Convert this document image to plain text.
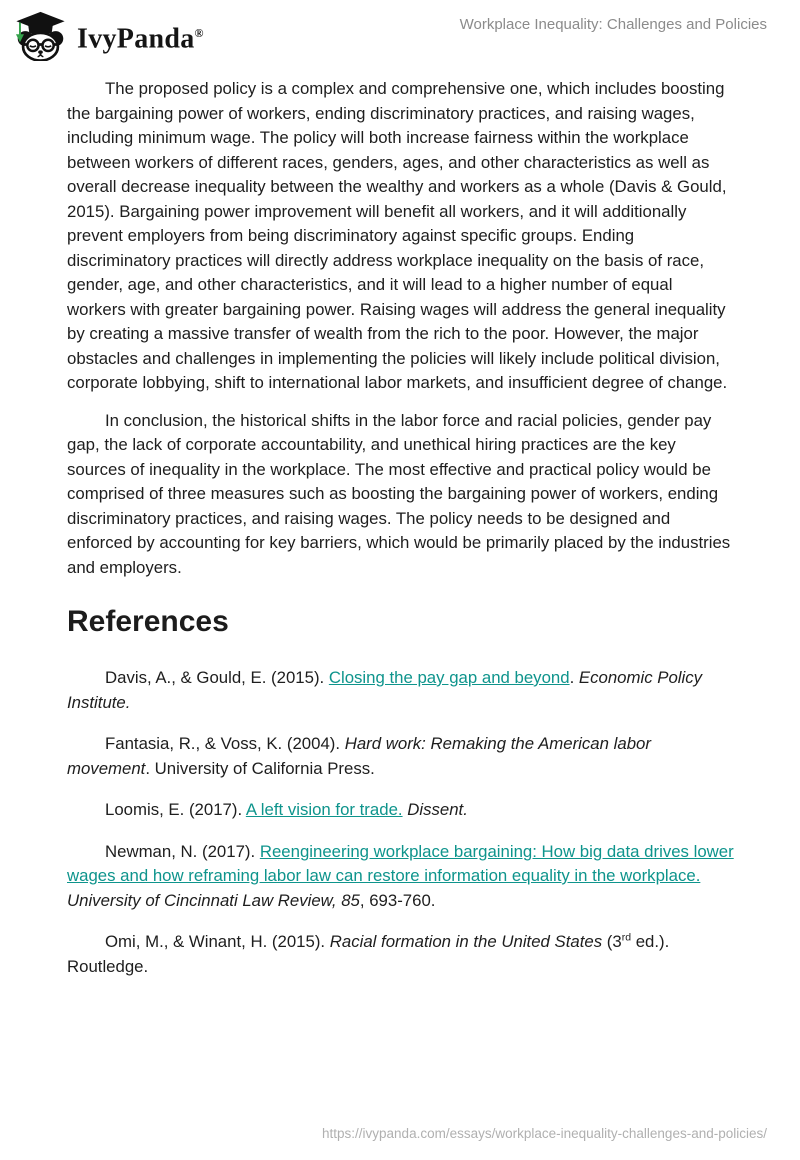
IvyPanda®	Workplace Inequality: Challenges and Policies

The proposed policy is a complex and comprehensive one, which includes boosting the bargaining power of workers, ending discriminatory practices, and raising wages, including minimum wage. The policy will both increase fairness within the workplace between workers of different races, genders, ages, and other characteristics as well as overall decrease inequality between the wealthy and workers as a whole (Davis & Gould, 2015). Bargaining power improvement will benefit all workers, and it will additionally prevent employers from being discriminatory against specific groups. Ending discriminatory practices will directly address workplace inequality on the basis of race, gender, age, and other characteristics, and it will lead to a higher number of equal workers with greater bargaining power. Raising wages will address the general inequality by creating a massive transfer of wealth from the rich to the poor. However, the major obstacles and challenges in implementing the policies will likely include political division, corporate lobbying, shift to international labor markets, and insufficient degree of change.

In conclusion, the historical shifts in the labor force and racial policies, gender pay gap, the lack of corporate accountability, and unethical hiring practices are the key sources of inequality in the workplace. The most effective and practical policy would be comprised of three measures such as boosting the bargaining power of workers, ending discriminatory practices, and raising wages. The policy needs to be designed and enforced by accounting for key barriers, which would be primarily placed by the industries and employers.

References

Davis, A., & Gould, E. (2015). Closing the pay gap and beyond. Economic Policy Institute.

Fantasia, R., & Voss, K. (2004). Hard work: Remaking the American labor movement. University of California Press.

Loomis, E. (2017). A left vision for trade. Dissent.

Newman, N. (2017). Reengineering workplace bargaining: How big data drives lower wages and how reframing labor law can restore information equality in the workplace. University of Cincinnati Law Review, 85, 693-760.

Omi, M., & Winant, H. (2015). Racial formation in the United States (3rd ed.). Routledge.

https://ivypanda.com/essays/workplace-inequality-challenges-and-policies/
